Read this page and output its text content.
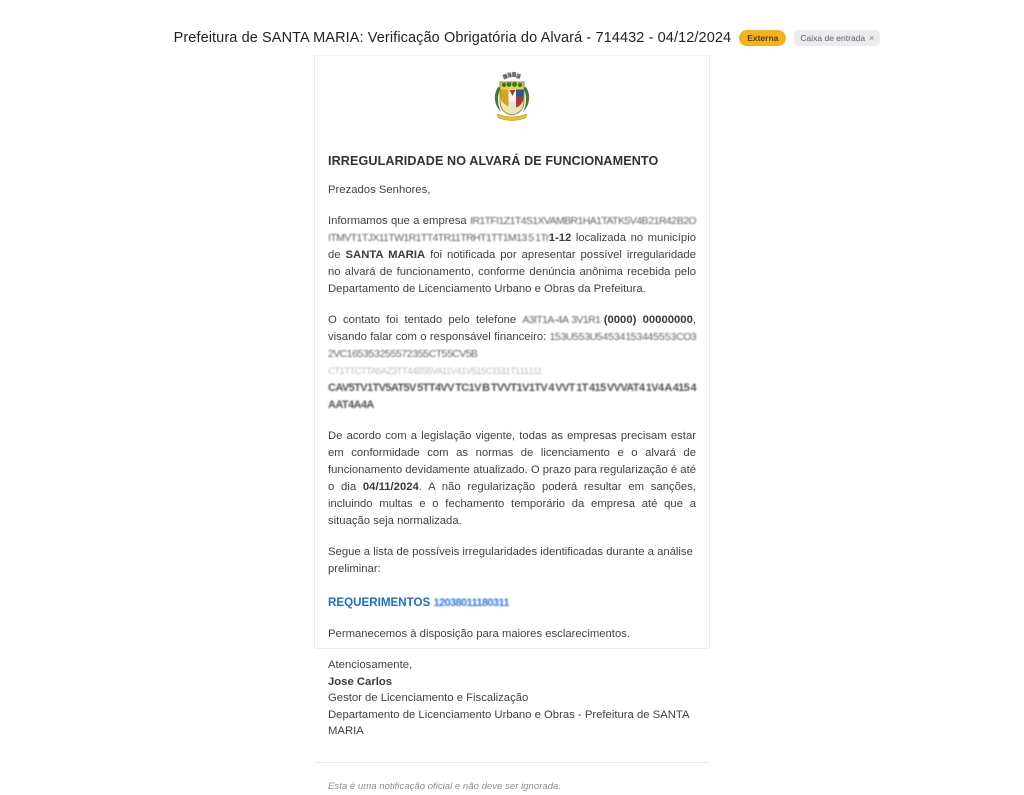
Prefeitura de SANTA MARIA: Verificação Obrigatória do Alvará - 714432 - 04/12/2024	Externa	Caixa de entrada ×
IRREGULARIDADE NO ALVARÁ DE FUNCIONAMENTO

Prezados Senhores,

Informamos que a empresa IR1TFI1Z1T4S1XVAMBR1HA1TAT K5V4B 21R42 B2O ITMVT1TJX11TW1R1TT4TR11TRHT1TT1M13 5 1Tr1-12 localizada no município de SANTA MARIA foi notificada por apresentar possível irregularidade no alvará de funcionamento, conforme denúncia anônima recebida pelo Departamento de Licenciamento Urbano e Obras da Prefeitura.

O contato foi tentado pelo telefone A3IT1A-4A 3V1R1 (0000) 00000000, visando falar com o responsável financeiro: 15 3U5 5 3U5 4 5 3 4 15 3 44 5 5 5 3 CO3 2VC1 65 3 5 3 25 5 5 72 3 55 CT5 5CV5B
CT1TTCTT A5AZ3TT4 4B5 5VA 11 V4 1V 5 15 C 15 11 T 1 11 1 11
CAV5TV1TV5AT5V 5TT4VV TC1V B TVVT1V1TV 4 VVT 1T 415 VVVAT4 1V4 A 415 4 AAT4A 4A

De acordo com a legislação vigente, todas as empresas precisam estar em conformidade com as normas de licenciamento e o alvará de funcionamento devidamente atualizado. O prazo para regularização é até o dia 04/11/2024. A não regularização poderá resultar em sanções, incluindo multas e o fechamento temporário da empresa até que a situação seja normalizada.

Segue a lista de possíveis irregularidades identificadas durante a análise preliminar:

REQUERIMENTOS 12038011180311

Permanecemos à disposição para maiores esclarecimentos.

Atenciosamente,

Jose Carlos

Gestor de Licenciamento e Fiscalização

Departamento de Licenciamento Urbano e Obras - Prefeitura de SANTA MARIA

Esta é uma notificação oficial e não deve ser ignorada.
